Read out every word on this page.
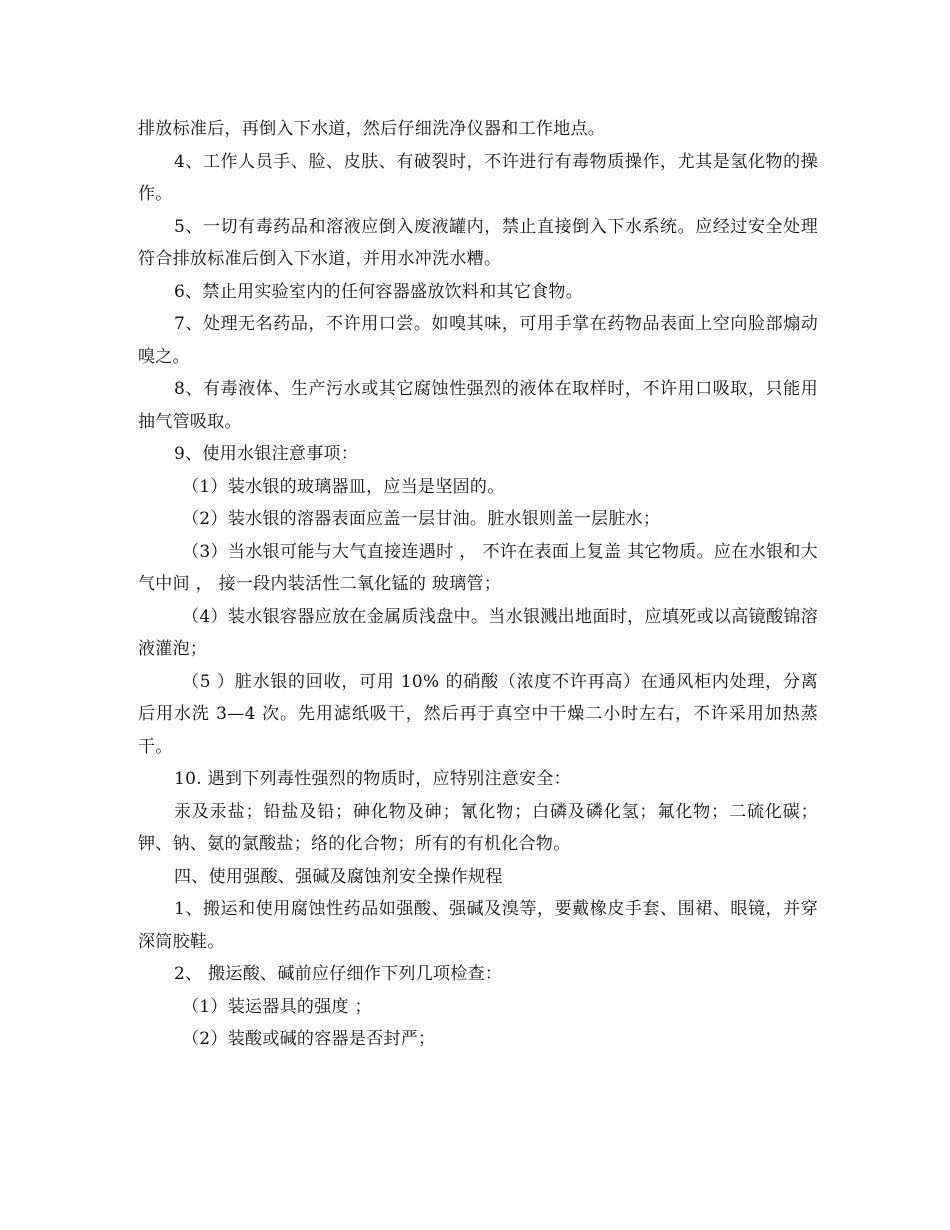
排放标准后，再倒入下水道，然后仔细洗净仪器和工作地点。

4、工作人员手、脸、皮肤、有破裂时，不许进行有毒物质操作，尤其是氢化物的操作。

5、一切有毒药品和溶液应倒入废液罐内，禁止直接倒入下水系统。应经过安全处理符合排放标准后倒入下水道，并用水冲洗水糟。

6、禁止用实验室内的任何容器盛放饮料和其它食物。

7、处理无名药品，不许用口尝。如嗅其味，可用手掌在药物品表面上空向脸部煽动嗅之。

8、有毒液体、生产污水或其它腐蚀性强烈的液体在取样时，不许用口吸取，只能用抽气管吸取。

9、使用水银注意事项：

（1）装水银的玻璃器皿，应当是坚固的。

（2）装水银的溶器表面应盖一层甘油。脏水银则盖一层脏水；

（3）当水银可能与大气直接连遇时 ， 不许在表面上复盖 其它物质。应在水银和大气中间 ， 接一段内装活性二氧化锰的 玻璃管；

（4）装水银容器应放在金属质浅盘中。当水银溅出地面时，应填死或以高镜酸锦溶液灌泡；

（5 ）脏水银的回收，可用 10% 的硝酸（浓度不许再高）在通风柜内处理，分离后用水洗 3—4 次。先用滤纸吸干，然后再于真空中干燥二小时左右，不许采用加热蒸干。

10. 遇到下列毒性强烈的物质时，应特别注意安全：

汞及汞盐；铅盐及铅；砷化物及砷；氰化物；白磷及磷化氢；氟化物；二硫化碳；钾、钠、氨的氯酸盐；络的化合物；所有的有机化合物。

四、使用强酸、强碱及腐蚀剂安全操作规程

1、搬运和使用腐蚀性药品如强酸、强碱及溴等，要戴橡皮手套、围裙、眼镜，并穿深筒胶鞋。

2、 搬运酸、碱前应仔细作下列几项检查：

（1）装运器具的强度 ；

（2）装酸或碱的容器是否封严；
